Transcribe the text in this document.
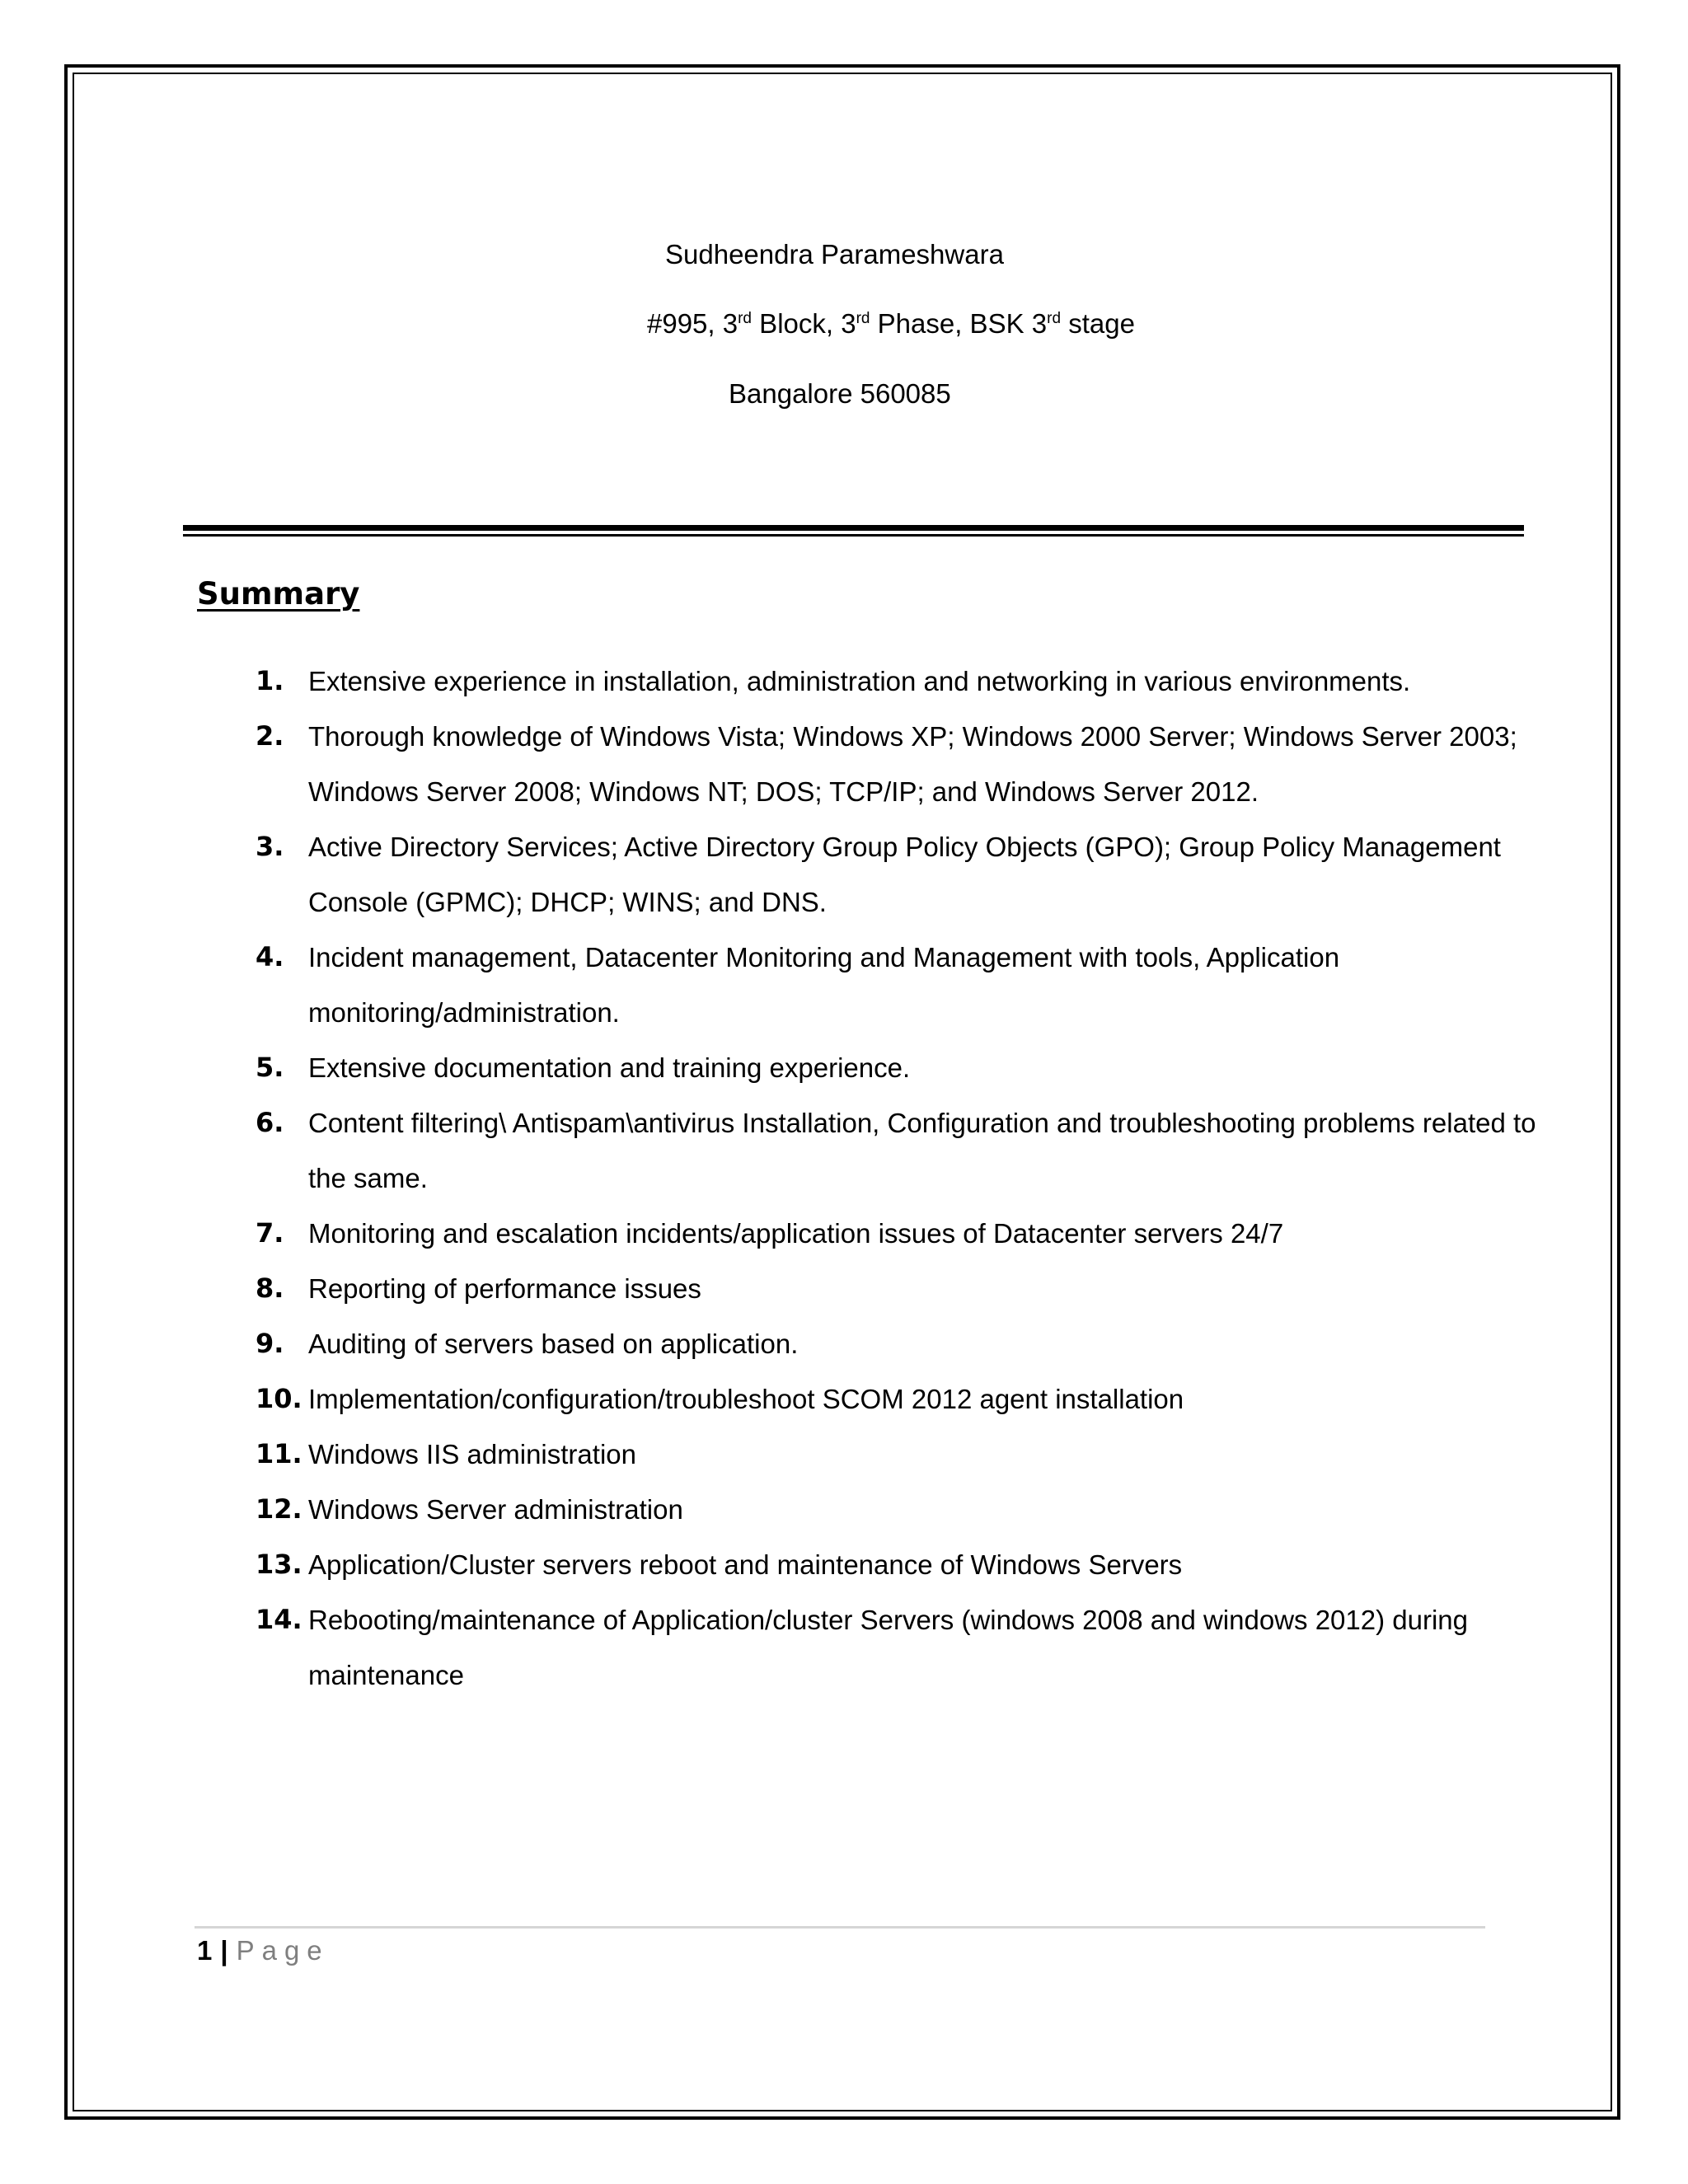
Sudheendra Parameshwara
#995, 3rd Block, 3rd Phase, BSK 3rd stage
Bangalore 560085
Summary
1. Extensive experience in installation, administration and networking in various environments.
2. Thorough knowledge of Windows Vista; Windows XP; Windows 2000 Server; Windows Server 2003; Windows Server 2008; Windows NT; DOS; TCP/IP; and Windows Server 2012.
3. Active Directory Services; Active Directory Group Policy Objects (GPO); Group Policy Management Console (GPMC); DHCP; WINS; and DNS.
4. Incident management, Datacenter Monitoring and Management with tools, Application monitoring/administration.
5. Extensive documentation and training experience.
6. Content filtering\ Antispam\antivirus Installation, Configuration and troubleshooting problems related to the same.
7. Monitoring and escalation incidents/application issues of Datacenter servers 24/7
8. Reporting of performance issues
9. Auditing of servers based on application.
10. Implementation/configuration/troubleshoot SCOM 2012 agent installation
11. Windows IIS administration
12. Windows Server administration
13. Application/Cluster servers reboot and maintenance of Windows Servers
14. Rebooting/maintenance of Application/cluster Servers (windows 2008 and windows 2012) during maintenance
1 | Page
